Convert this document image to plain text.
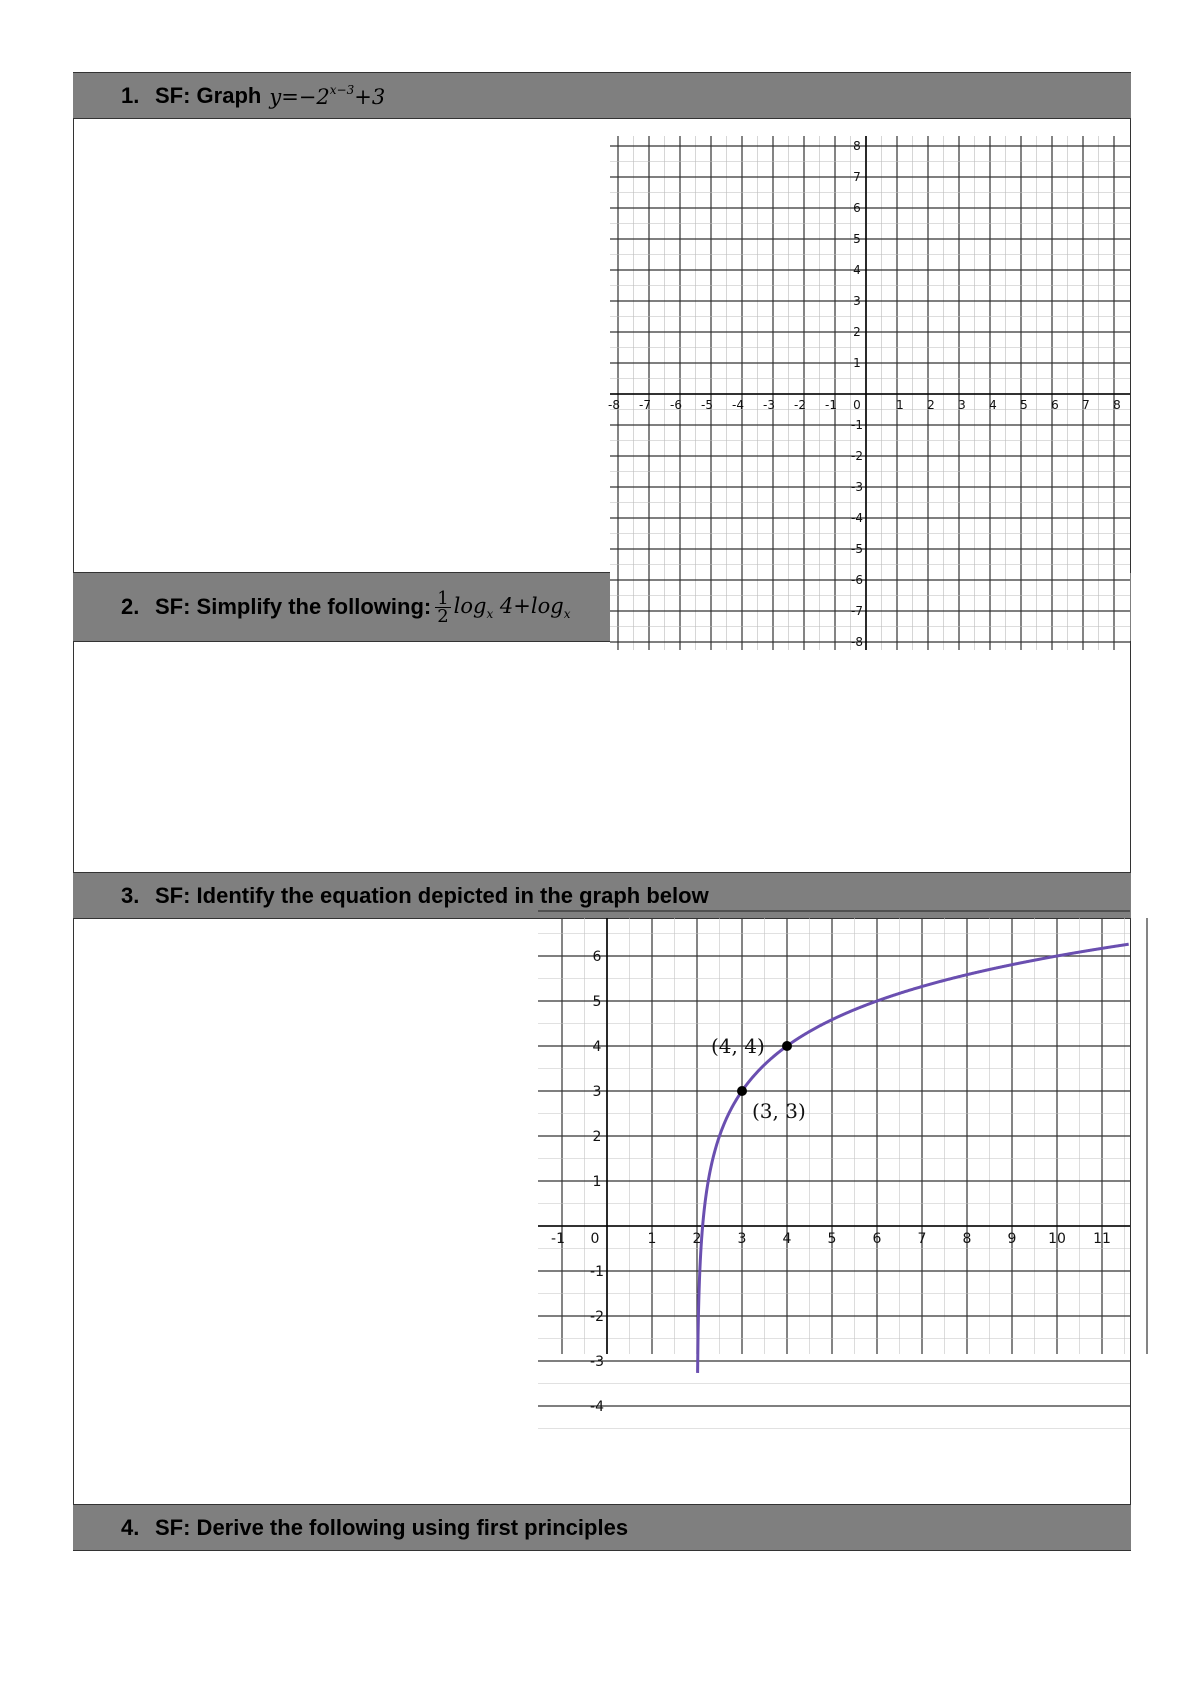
1. SF: Graph $y=-2^{x-3}+3$
2. SF: Simplify the following: $\frac{1}{2} \log_x 4+\log_x$
3. SF: Identify the equation depicted in the graph below
4. SF: Derive the following using first principles
-8 -7 -6 -5 -4 -3 -2 -1 0	1 2 3 4 5 6 7 8
8
7
6
5
4
3
2
1
-1
-2
-3
-4
-5
-6
-7
-8
-1 0	1	2	3	4	5	6	7	8	9 10 11
6
5
4
3
2
1
-1
-2
-3
-4
(3, 3)
(4, 4)
